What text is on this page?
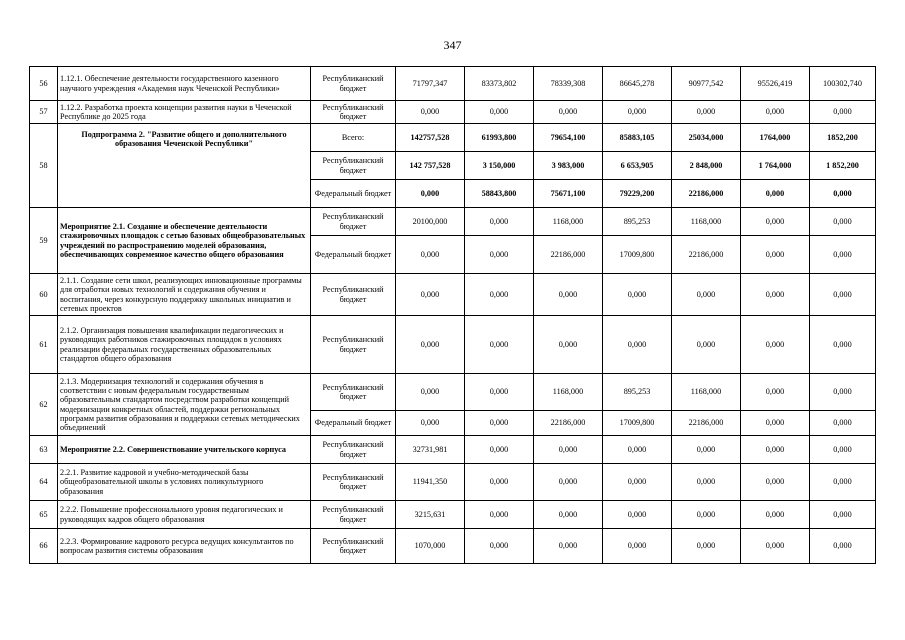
347
56	1.12.1. Обеспечение деятельности государственного казенного научного учреждения «Академия наук Чеченской Республики»	Республиканский бюджет	71797,347	83373,802	78339,308	86645,278	90977,542	95526,419	100302,740
57	1.12.2. Разработка проекта концепции развития науки в Чеченской Республике до 2025 года	Республиканский бюджет	0,000	0,000	0,000	0,000	0,000	0,000	0,000
58	Подпрограмма 2. "Развитие общего и дополнительного образования Чеченской Республики"	Всего:	142757,528	61993,800	79654,100	85883,105	25034,000	1764,000	1852,200
		Республиканский бюджет	142 757,528	3 150,000	3 983,000	6 653,905	2 848,000	1 764,000	1 852,200
		Федеральный бюджет	0,000	58843,800	75671,100	79229,200	22186,000	0,000	0,000
59	Мероприятие 2.1. Создание и обеспечение деятельности стажировочных площадок с сетью базовых общеобразовательных учреждений по распространению моделей образования, обеспечивающих современное качество общего образования	Республиканский бюджет	20100,000	0,000	1168,000	895,253	1168,000	0,000	0,000
		Федеральный бюджет	0,000	0,000	22186,000	17009,800	22186,000	0,000	0,000
60	2.1.1. Создание сети школ, реализующих инновационные программы для отработки новых технологий и содержания обучения и воспитания, через конкурсную поддержку школьных инициатив и сетевых проектов	Республиканский бюджет	0,000	0,000	0,000	0,000	0,000	0,000	0,000
61	2.1.2. Организация повышения квалификации педагогических и руководящих работников стажировочных площадок в условиях реализации федеральных государственных образовательных стандартов общего образования	Республиканский бюджет	0,000	0,000	0,000	0,000	0,000	0,000	0,000
62	2.1.3. Модернизация технологий и содержания обучения в соответствии с новым федеральным государственным образовательным стандартом посредством разработки концепций модернизации конкретных областей, поддержки региональных программ развития образования и поддержки сетевых методических объединений	Республиканский бюджет	0,000	0,000	1168,000	895,253	1168,000	0,000	0,000
		Федеральный бюджет	0,000	0,000	22186,000	17009,800	22186,000	0,000	0,000
63	Мероприятие 2.2. Совершенствование учительского корпуса	Республиканский бюджет	32731,981	0,000	0,000	0,000	0,000	0,000	0,000
64	2.2.1. Развитие кадровой и учебно-методической базы общеобразовательной школы в условиях поликультурного образования	Республиканский бюджет	11941,350	0,000	0,000	0,000	0,000	0,000	0,000
65	2.2.2. Повышение профессионального уровня педагогических и руководящих кадров общего образования	Республиканский бюджет	3215,631	0,000	0,000	0,000	0,000	0,000	0,000
66	2.2.3. Формирование кадрового ресурса ведущих консультантов по вопросам развития системы образования	Республиканский бюджет	1070,000	0,000	0,000	0,000	0,000	0,000	0,000
